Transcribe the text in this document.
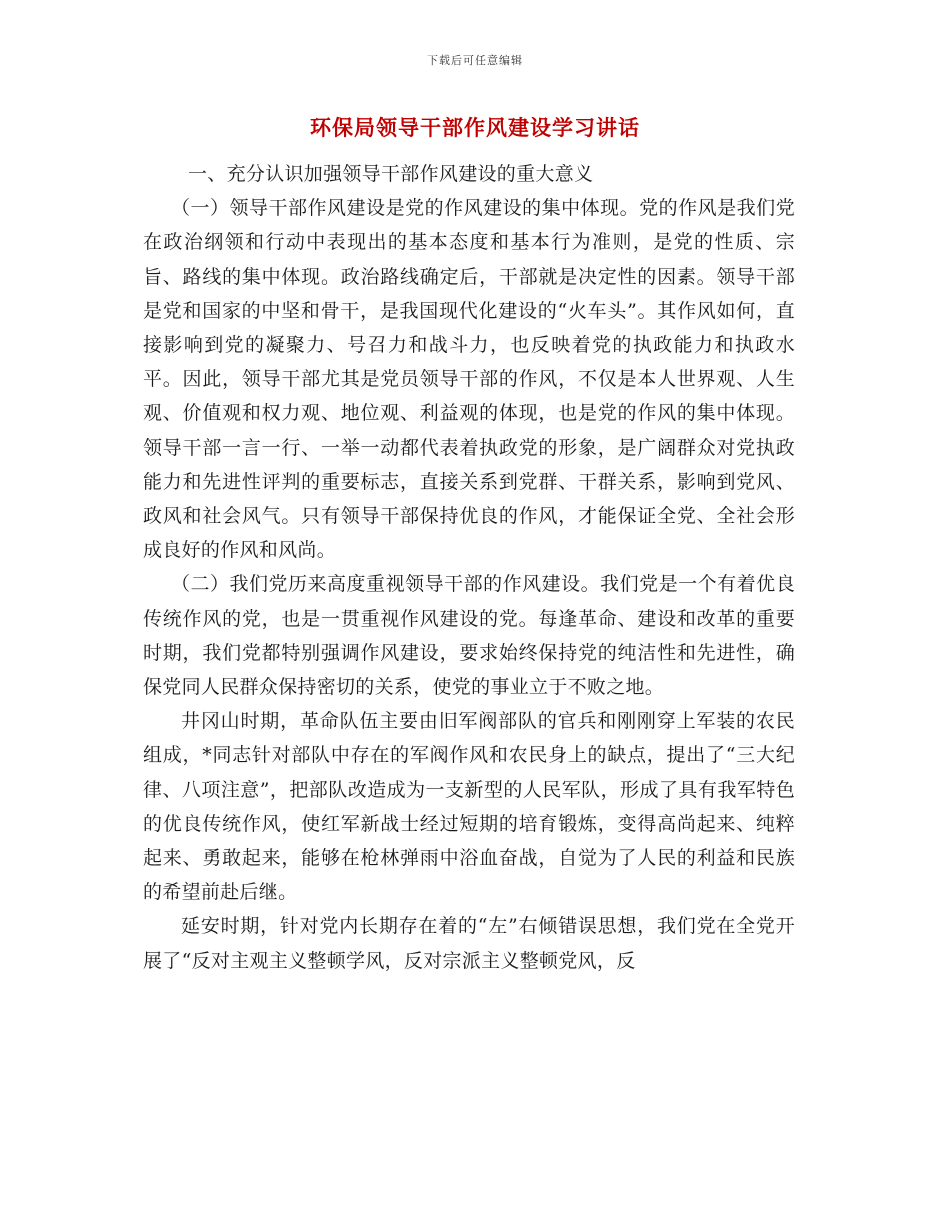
下载后可任意编辑
环保局领导干部作风建设学习讲话

一、充分认识加强领导干部作风建设的重大意义

（一）领导干部作风建设是党的作风建设的集中体现。党的作风是我们党在政治纲领和行动中表现出的基本态度和基本行为准则，是党的性质、宗旨、路线的集中体现。政治路线确定后，干部就是决定性的因素。领导干部是党和国家的中坚和骨干，是我国现代化建设的“火车头”。其作风如何，直接影响到党的凝聚力、号召力和战斗力，也反映着党的执政能力和执政水平。因此，领导干部尤其是党员领导干部的作风，不仅是本人世界观、人生观、价值观和权力观、地位观、利益观的体现，也是党的作风的集中体现。领导干部一言一行、一举一动都代表着执政党的形象，是广阔群众对党执政能力和先进性评判的重要标志，直接关系到党群、干群关系，影响到党风、政风和社会风气。只有领导干部保持优良的作风，才能保证全党、全社会形成良好的作风和风尚。

（二）我们党历来高度重视领导干部的作风建设。我们党是一个有着优良传统作风的党，也是一贯重视作风建设的党。每逢革命、建设和改革的重要时期，我们党都特别强调作风建设，要求始终保持党的纯洁性和先进性，确保党同人民群众保持密切的关系，使党的事业立于不败之地。

井冈山时期，革命队伍主要由旧军阀部队的官兵和刚刚穿上军装的农民组成，*同志针对部队中存在的军阀作风和农民身上的缺点，提出了“三大纪律、八项注意”，把部队改造成为一支新型的人民军队，形成了具有我军特色的优良传统作风，使红军新战士经过短期的培育锻炼，变得高尚起来、纯粹起来、勇敢起来，能够在枪林弹雨中浴血奋战，自觉为了人民的利益和民族的希望前赴后继。

延安时期，针对党内长期存在着的“左”右倾错误思想，我们党在全党开展了“反对主观主义整顿学风，反对宗派主义整顿党风，反
